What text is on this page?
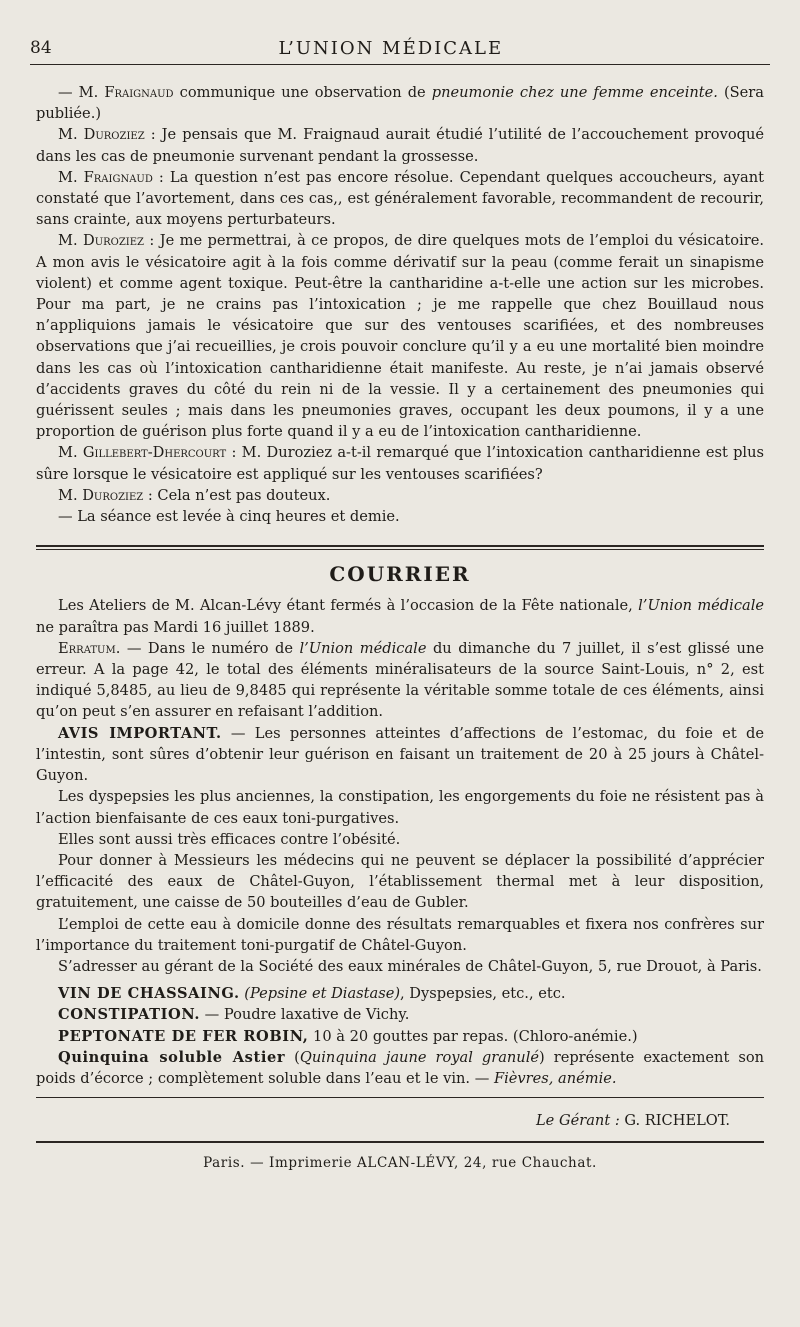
84	L’UNION MÉDICALE

— M. Fraignaud communique une observation de pneumonie chez une femme enceinte. (Sera publiée.)

M. Duroziez : Je pensais que M. Fraignaud aurait étudié l’utilité de l’accouchement provoqué dans les cas de pneumonie survenant pendant la grossesse.

M. Fraignaud : La question n’est pas encore résolue. Cependant quelques accoucheurs, ayant constaté que l’avortement, dans ces cas,, est généralement favorable, recommandent de recourir, sans crainte, aux moyens perturbateurs.

M. Duroziez : Je me permettrai, à ce propos, de dire quelques mots de l’emploi du vésicatoire. A mon avis le vésicatoire agit à la fois comme dérivatif sur la peau (comme ferait un sinapisme violent) et comme agent toxique. Peut-être la cantharidine a-t-elle une action sur les microbes. Pour ma part, je ne crains pas l’intoxication ; je me rappelle que chez Bouillaud nous n’appliquions jamais le vésicatoire que sur des ventouses scarifiées, et des nombreuses observations que j’ai recueillies, je crois pouvoir conclure qu’il y a eu une mortalité bien moindre dans les cas où l’intoxication cantharidienne était manifeste. Au reste, je n’ai jamais observé d’accidents graves du côté du rein ni de la vessie. Il y a certainement des pneumonies qui guérissent seules ; mais dans les pneumonies graves, occupant les deux poumons, il y a une proportion de guérison plus forte quand il y a eu de l’intoxication cantharidienne.

M. Gillebert-Dhercourt : M. Duroziez a-t-il remarqué que l’intoxication cantharidienne est plus sûre lorsque le vésicatoire est appliqué sur les ventouses scarifiées?

M. Duroziez : Cela n’est pas douteux.

— La séance est levée à cinq heures et demie.

COURRIER

Les Ateliers de M. Alcan-Lévy étant fermés à l’occasion de la Fête nationale, l’Union médicale ne paraîtra pas Mardi 16 juillet 1889.

Erratum. — Dans le numéro de l’Union médicale du dimanche du 7 juillet, il s’est glissé une erreur. A la page 42, le total des éléments minéralisateurs de la source Saint-Louis, n° 2, est indiqué 5,8485, au lieu de 9,8485 qui représente la véritable somme totale de ces éléments, ainsi qu’on peut s’en assurer en refaisant l’addition.

AVIS IMPORTANT. — Les personnes atteintes d’affections de l’estomac, du foie et de l’intestin, sont sûres d’obtenir leur guérison en faisant un traitement de 20 à 25 jours à Châtel-Guyon.

Les dyspepsies les plus anciennes, la constipation, les engorgements du foie ne résistent pas à l’action bienfaisante de ces eaux toni-purgatives.

Elles sont aussi très efficaces contre l’obésité.

Pour donner à Messieurs les médecins qui ne peuvent se déplacer la possibilité d’apprécier l’efficacité des eaux de Châtel-Guyon, l’établissement thermal met à leur disposition, gratuitement, une caisse de 50 bouteilles d’eau de Gubler.

L’emploi de cette eau à domicile donne des résultats remarquables et fixera nos confrères sur l’importance du traitement toni-purgatif de Châtel-Guyon.

S’adresser au gérant de la Société des eaux minérales de Châtel-Guyon, 5, rue Drouot, à Paris.

VIN DE CHASSAING. (Pepsine et Diastase), Dyspepsies, etc., etc.

CONSTIPATION. — Poudre laxative de Vichy.

PEPTONATE DE FER ROBIN, 10 à 20 gouttes par repas. (Chloro-anémie.)

Quinquina soluble Astier (Quinquina jaune royal granulé) représente exactement son poids d’écorce ; complètement soluble dans l’eau et le vin. — Fièvres, anémie.

Le Gérant : G. RICHELOT.
Paris. — Imprimerie ALCAN-LÉVY, 24, rue Chauchat.
